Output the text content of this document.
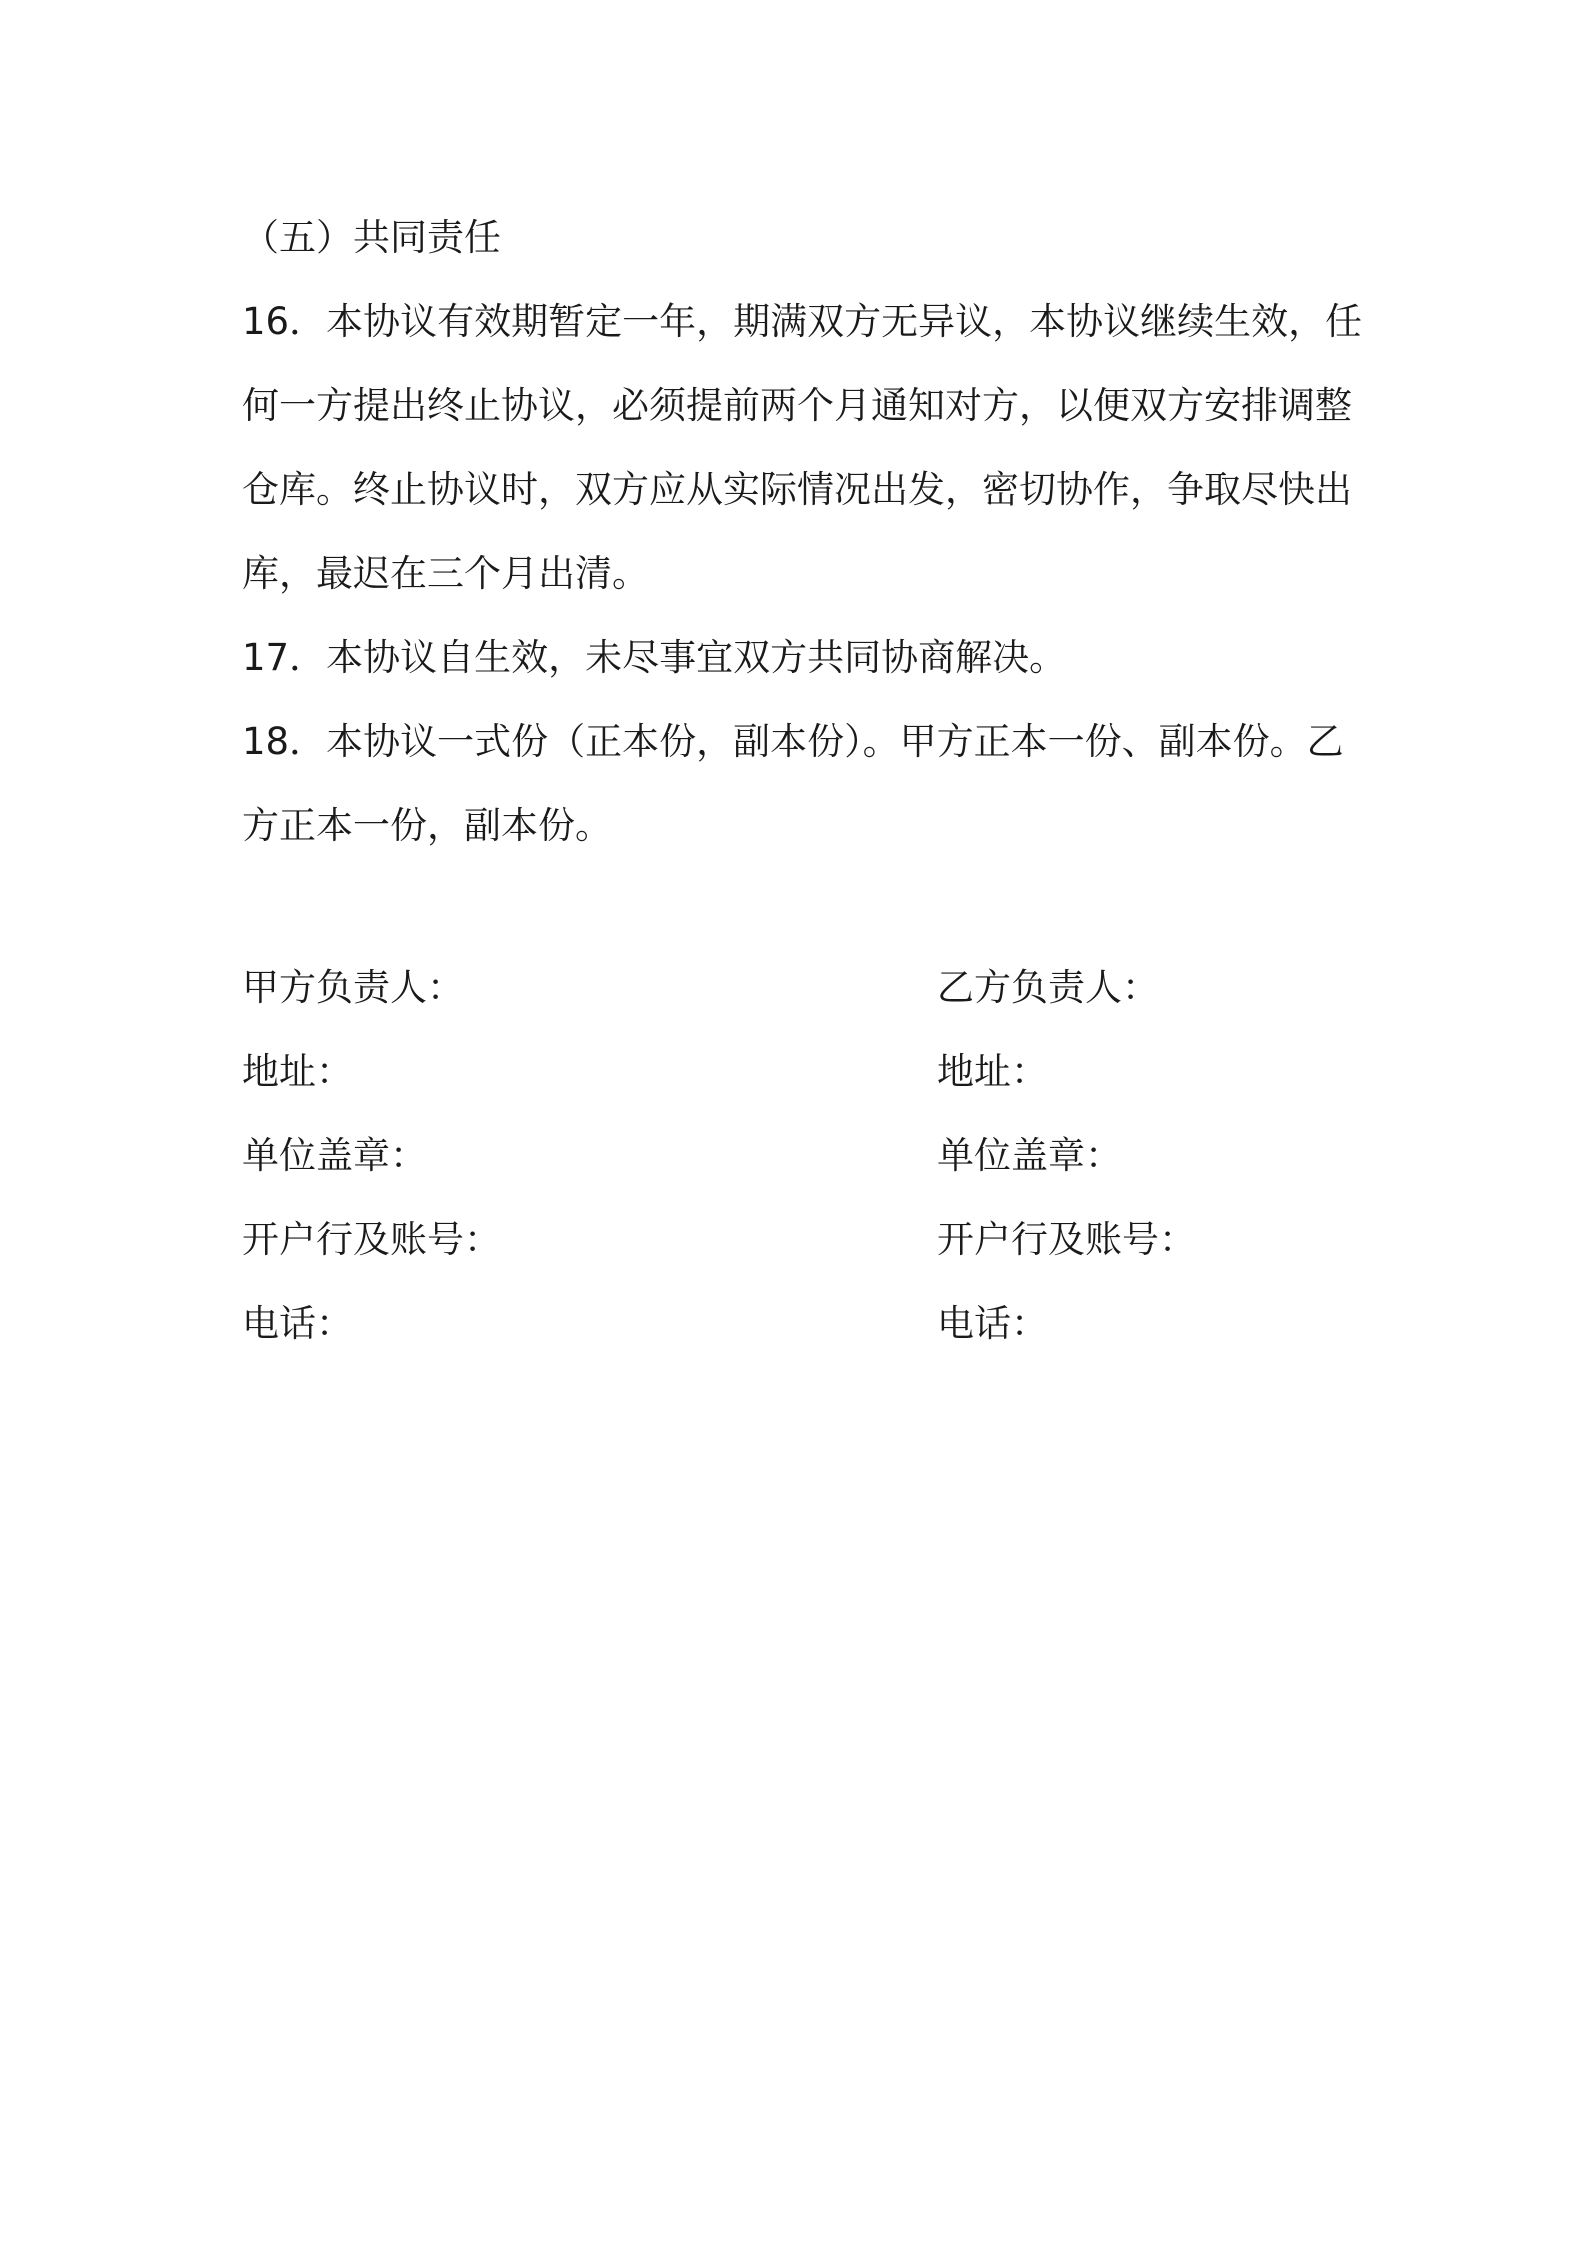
（五）共同责任
16．本协议有效期暂定一年，期满双方无异议，本协议继续生效，任
何一方提出终止协议，必须提前两个月通知对方，以便双方安排调整
仓库。终止协议时，双方应从实际情况出发，密切协作，争取尽快出
库，最迟在三个月出清。
17．本协议自生效，未尽事宜双方共同协商解决。
18．本协议一式份（正本份，副本份）。甲方正本一份、副本份。乙
方正本一份，副本份。
甲方负责人：
地址：
单位盖章：
开户行及账号：
电话：
乙方负责人：
地址：
单位盖章：
开户行及账号：
电话：
